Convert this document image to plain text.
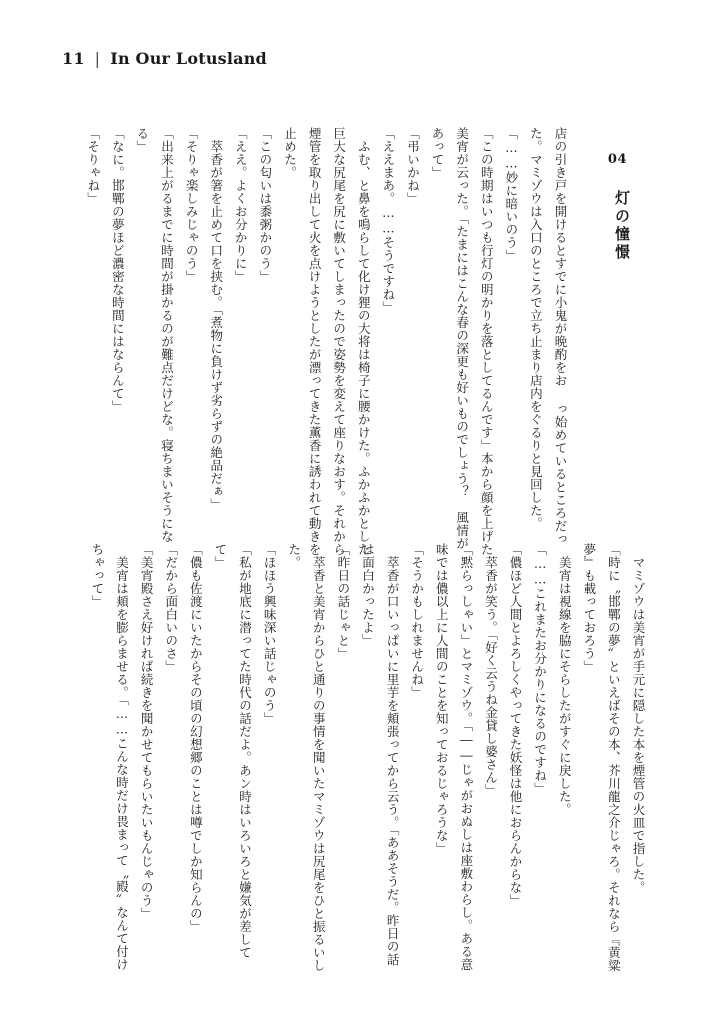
11 | In Our Lotusland
04
灯の憧憬
店の引き戸を開けるとすでに小鬼が晩酌をお っ始めているところだっ
た。マミゾウは入口のところで立ち止まり店内をぐるりと見回した。
「……妙に暗いのう」
「この時期はいつも行灯の明かりを落としてるんです」本から顔を上げた
美宵が云った。「たまにはこんな春の深更も好いものでしょう？　風情が
あって」
「弔いかね」
「ええまあ。……そうですね」
　ふむ、と鼻を鳴らして化け狸の大将は椅子に腰かけた。ふかふかとした
巨大な尻尾を尻に敷いてしまったので姿勢を変えて座りなおす。それから
煙管を取り出して火を点けようとしたが漂ってきた薫香に誘われて動きを
止めた。
「この匂いは黍粥かのう」
「ええ。よくお分かりに」
　萃香が箸を止めて口を挟む。「煮物に負けず劣らずの絶品だぁ」
「そりゃ楽しみじゃのう」
「出来上がるまでに時間が掛かるのが難点だけどな。寝ちまいそうにな
る」
「なに。邯鄲の夢ほど濃密な時間にはならんて」
「そりゃね」
　マミゾウは美宵が手元に隠した本を煙管の火皿で指した。
「時に〝邯鄲の夢〟といえばその本、芥川龍之介じゃろ。それなら『黄粱
夢』も載っておろう」
　美宵は視線を脇にそらしたがすぐに戻した。
「……これまたお分かりになるのですね」
「儂ほど人間とよろしくやってきた妖怪は他におらんからな」
　萃香が笑う。「好く云うね金貸し婆さん」
「黙らっしゃい」とマミゾウ。「――じゃがおぬしは座敷わらし。ある意
味では儂以上に人間のことを知っておるじゃろうな」
「そうかもしれませんね」
　萃香が口いっぱいに里芋を頬張ってから云う。「ああそうだ。昨日の話
は面白かったよ」
「昨日の話じゃと」
　萃香と美宵からひと通りの事情を聞いたマミゾウは尻尾をひと振るいし
た。
「ほほう興味深い話じゃのう」
「私が地底に潜ってた時代の話だよ。あン時はいろいろと嫌気が差して
て」
「儂も佐渡にいたからその頃の幻想郷のことは噂でしか知らんの」
「だから面白いのさ」
「美宵殿さえ好ければ続きを聞かせてもらいたいもんじゃのう」
　美宵は頬を膨らませる。「……こんな時だけ畏まって〝殿〟なんて付け
ちゃって」
